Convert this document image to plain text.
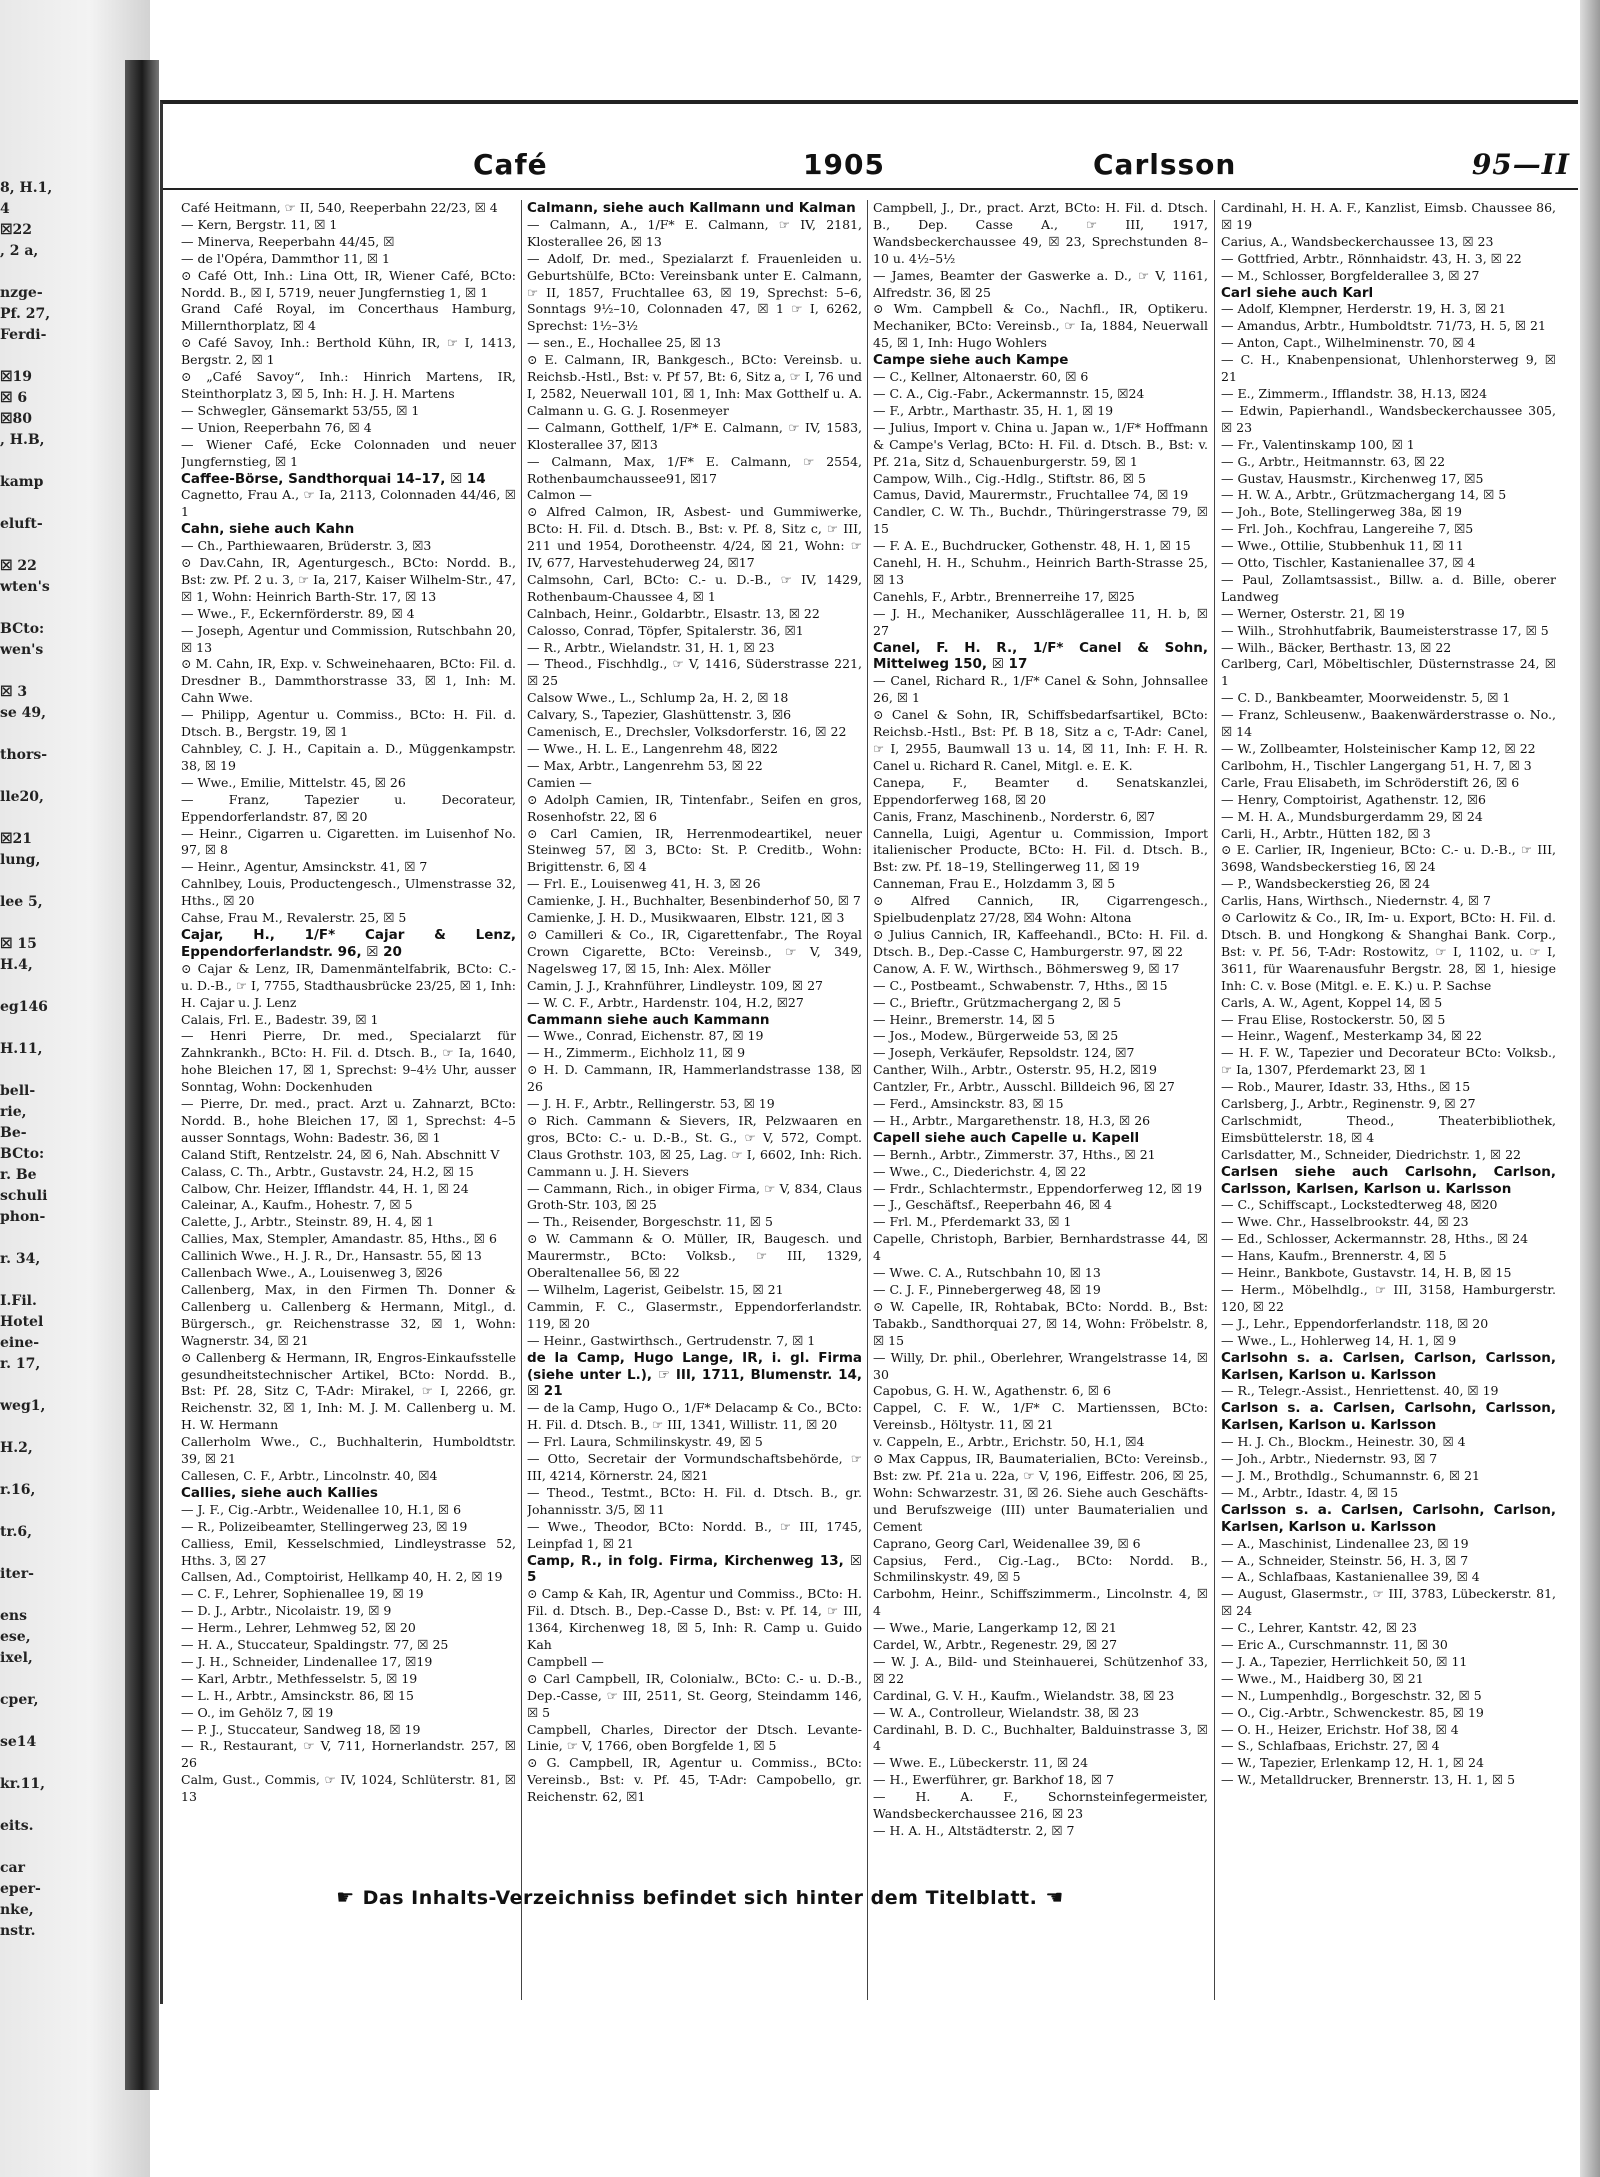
8, H.1,
4
☒22
, 2 a,

nzge-
Pf. 27,
Ferdi-

☒19
☒ 6
☒80
, H.B,

kamp

eluft-

☒ 22
wten's

BCto:
wen's

☒ 3
se 49,

thors-

lle20,

☒21
lung,

lee 5,

☒ 15
H.4,

eg146

H.11,

bell-
rie,
Be-
BCto:
r. Be
schuli
phon-

r. 34,

I.Fil.
Hotel
eine-
r. 17,

weg1,

H.2,

r.16,

tr.6,

iter-

ens
ese,
ixel,

cper,

se14

kr.11,

eits.

car
eper-
nke,
nstr.
Café	1905	Carlsson	95—II

Café Heitmann, ☞ II, 540, Reeperbahn 22/23, ☒ 4

— Kern, Bergstr. 11, ☒ 1

— Minerva, Reeperbahn 44/45, ☒

— de l'Opéra, Dammthor 11, ☒ 1

⊙ Café Ott, Inh.: Lina Ott, IR, Wiener Café, BCto: Nordd. B., ☒ I, 5719, neuer Jungfernstieg 1, ☒ 1

Grand Café Royal, im Concerthaus Hamburg, Millernthorplatz, ☒ 4

⊙ Café Savoy, Inh.: Berthold Kühn, IR, ☞ I, 1413, Bergstr. 2, ☒ 1

⊙ „Café Savoy“, Inh.: Hinrich Martens, IR, Steinthorplatz 3, ☒ 5, Inh: H. J. H. Martens

— Schwegler, Gänsemarkt 53/55, ☒ 1

— Union, Reeperbahn 76, ☒ 4

— Wiener Café, Ecke Colonnaden und neuer Jungfernstieg, ☒ 1

Caffee-Börse, Sandthorquai 14–17, ☒ 14

Cagnetto, Frau A., ☞ Ia, 2113, Colonnaden 44/46, ☒ 1

Cahn, siehe auch Kahn

— Ch., Parthiewaaren, Brüderstr. 3, ☒3

⊙ Dav.Cahn, IR, Agenturgesch., BCto: Nordd. B., Bst: zw. Pf. 2 u. 3, ☞ Ia, 217, Kaiser Wilhelm-Str., 47, ☒ 1, Wohn: Heinrich Barth-Str. 17, ☒ 13

— Wwe., F., Eckernförderstr. 89, ☒ 4

— Joseph, Agentur und Commission, Rutschbahn 20, ☒ 13

⊙ M. Cahn, IR, Exp. v. Schweinehaaren, BCto: Fil. d. Dresdner B., Dammthorstrasse 33, ☒ 1, Inh: M. Cahn Wwe.

— Philipp, Agentur u. Commiss., BCto: H. Fil. d. Dtsch. B., Bergstr. 19, ☒ 1

Cahnbley, C. J. H., Capitain a. D., Müggenkampstr. 38, ☒ 19

— Wwe., Emilie, Mittelstr. 45, ☒ 26

— Franz, Tapezier u. Decorateur, Eppendorferlandstr. 87, ☒ 20

— Heinr., Cigarren u. Cigaretten. im Luisenhof No. 97, ☒ 8

— Heinr., Agentur, Amsinckstr. 41, ☒ 7

Cahnlbey, Louis, Productengesch., Ulmenstrasse 32, Hths., ☒ 20

Cahse, Frau M., Revalerstr. 25, ☒ 5

Cajar, H., 1/F* Cajar & Lenz, Eppendorferlandstr. 96, ☒ 20

⊙ Cajar & Lenz, IR, Damenmäntelfabrik, BCto: C.- u. D.-B., ☞ I, 7755, Stadthausbrücke 23/25, ☒ 1, Inh: H. Cajar u. J. Lenz

Calais, Frl. E., Badestr. 39, ☒ 1

— Henri Pierre, Dr. med., Specialarzt für Zahnkrankh., BCto: H. Fil. d. Dtsch. B., ☞ Ia, 1640, hohe Bleichen 17, ☒ 1, Sprechst: 9–4½ Uhr, ausser Sonntag, Wohn: Dockenhuden

— Pierre, Dr. med., pract. Arzt u. Zahnarzt, BCto: Nordd. B., hohe Bleichen 17, ☒ 1, Sprechst: 4–5 ausser Sonntags, Wohn: Badestr. 36, ☒ 1

Caland Stift, Rentzelstr. 24, ☒ 6, Nah. Abschnitt V

Calass, C. Th., Arbtr., Gustavstr. 24, H.2, ☒ 15

Calbow, Chr. Heizer, Ifflandstr. 44, H. 1, ☒ 24

Caleinar, A., Kaufm., Hohestr. 7, ☒ 5

Calette, J., Arbtr., Steinstr. 89, H. 4, ☒ 1

Callies, Max, Stempler, Amandastr. 85, Hths., ☒ 6

Callinich Wwe., H. J. R., Dr., Hansastr. 55, ☒ 13

Callenbach Wwe., A., Louisenweg 3, ☒26

Callenberg, Max, in den Firmen Th. Donner & Callenberg u. Callenberg & Hermann, Mitgl., d. Bürgersch., gr. Reichenstrasse 32, ☒ 1, Wohn: Wagnerstr. 34, ☒ 21

⊙ Callenberg & Hermann, IR, Engros-Einkaufsstelle gesundheitstechnischer Artikel, BCto: Nordd. B., Bst: Pf. 28, Sitz C, T-Adr: Mirakel, ☞ I, 2266, gr. Reichenstr. 32, ☒ 1, Inh: M. J. M. Callenberg u. M. H. W. Hermann

Callerholm Wwe., C., Buchhalterin, Humboldtstr. 39, ☒ 21

Callesen, C. F., Arbtr., Lincolnstr. 40, ☒4

Callies, siehe auch Kallies

— J. F., Cig.-Arbtr., Weidenallee 10, H.1, ☒ 6

— R., Polizeibeamter, Stellingerweg 23, ☒ 19

Calliess, Emil, Kesselschmied, Lindleystrasse 52, Hths. 3, ☒ 27

Callsen, Ad., Comptoirist, Hellkamp 40, H. 2, ☒ 19

— C. F., Lehrer, Sophienallee 19, ☒ 19

— D. J., Arbtr., Nicolaistr. 19, ☒ 9

— Herm., Lehrer, Lehmweg 52, ☒ 20

— H. A., Stuccateur, Spaldingstr. 77, ☒ 25

— J. H., Schneider, Lindenallee 17, ☒19

— Karl, Arbtr., Methfesselstr. 5, ☒ 19

— L. H., Arbtr., Amsinckstr. 86, ☒ 15

— O., im Gehölz 7, ☒ 19

— P. J., Stuccateur, Sandweg 18, ☒ 19

— R., Restaurant, ☞ V, 711, Hornerlandstr. 257, ☒ 26

Calm, Gust., Commis, ☞ IV, 1024, Schlüterstr. 81, ☒ 13

Calmann, siehe auch Kallmann und Kalman

— Calmann, A., 1/F* E. Calmann, ☞ IV, 2181, Klosterallee 26, ☒ 13

— Adolf, Dr. med., Spezialarzt f. Frauenleiden u. Geburtshülfe, BCto: Vereinsbank unter E. Calmann, ☞ II, 1857, Fruchtallee 63, ☒ 19, Sprechst: 5–6, Sonntags 9½–10, Colonnaden 47, ☒ 1 ☞ I, 6262, Sprechst: 1½–3½

— sen., E., Hochallee 25, ☒ 13

⊙ E. Calmann, IR, Bankgesch., BCto: Vereinsb. u. Reichsb.-Hstl., Bst: v. Pf 57, Bt: 6, Sitz a, ☞ I, 76 und I, 2582, Neuerwall 101, ☒ 1, Inh: Max Gotthelf u. A. Calmann u. G. G. J. Rosenmeyer

— Calmann, Gotthelf, 1/F* E. Calmann, ☞ IV, 1583, Klosterallee 37, ☒13

— Calmann, Max, 1/F* E. Calmann, ☞ 2554, Rothenbaumchaussee91, ☒17

Calmon —

⊙ Alfred Calmon, IR, Asbest- und Gummiwerke, BCto: H. Fil. d. Dtsch. B., Bst: v. Pf. 8, Sitz c, ☞ III, 211 und 1954, Dorotheenstr. 4/24, ☒ 21, Wohn: ☞ IV, 677, Harvestehuderweg 24, ☒17

Calmsohn, Carl, BCto: C.- u. D.-B., ☞ IV, 1429, Rothenbaum-Chaussee 4, ☒ 1

Calnbach, Heinr., Goldarbtr., Elsastr. 13, ☒ 22

Calosso, Conrad, Töpfer, Spitalerstr. 36, ☒1

— R., Arbtr., Wielandstr. 31, H. 1, ☒ 23

— Theod., Fischhdlg., ☞ V, 1416, Süderstrasse 221, ☒ 25

Calsow Wwe., L., Schlump 2a, H. 2, ☒ 18

Calvary, S., Tapezier, Glashüttenstr. 3, ☒6

Camenisch, E., Drechsler, Volksdorferstr. 16, ☒ 22

— Wwe., H. L. E., Langenrehm 48, ☒22

— Max, Arbtr., Langenrehm 53, ☒ 22

Camien —

⊙ Adolph Camien, IR, Tintenfabr., Seifen en gros, Rosenhofstr. 22, ☒ 6

⊙ Carl Camien, IR, Herrenmodeartikel, neuer Steinweg 57, ☒ 3, BCto: St. P. Creditb., Wohn: Brigittenstr. 6, ☒ 4

— Frl. E., Louisenweg 41, H. 3, ☒ 26

Camienke, J. H., Buchhalter, Besenbinderhof 50, ☒ 7

Camienke, J. H. D., Musikwaaren, Elbstr. 121, ☒ 3

⊙ Camilleri & Co., IR, Cigarettenfabr., The Royal Crown Cigarette, BCto: Vereinsb., ☞ V, 349, Nagelsweg 17, ☒ 15, Inh: Alex. Möller

Camin, J. J., Krahnführer, Lindleystr. 109, ☒ 27

— W. C. F., Arbtr., Hardenstr. 104, H.2, ☒27

Cammann siehe auch Kammann

— Wwe., Conrad, Eichenstr. 87, ☒ 19

— H., Zimmerm., Eichholz 11, ☒ 9

⊙ H. D. Cammann, IR, Hammerlandstrasse 138, ☒ 26

— J. H. F., Arbtr., Rellingerstr. 53, ☒ 19

⊙ Rich. Cammann & Sievers, IR, Pelzwaaren en gros, BCto: C.- u. D.-B., St. G., ☞ V, 572, Compt. Claus Grothstr. 103, ☒ 25, Lag. ☞ I, 6602, Inh: Rich. Cammann u. J. H. Sievers

— Cammann, Rich., in obiger Firma, ☞ V, 834, Claus Groth-Str. 103, ☒ 25

— Th., Reisender, Borgeschstr. 11, ☒ 5

⊙ W. Cammann & O. Müller, IR, Baugesch. und Maurermstr., BCto: Volksb., ☞ III, 1329, Oberaltenallee 56, ☒ 22

— Wilhelm, Lagerist, Geibelstr. 15, ☒ 21

Cammin, F. C., Glasermstr., Eppendorferlandstr. 119, ☒ 20

— Heinr., Gastwirthsch., Gertrudenstr. 7, ☒ 1

de la Camp, Hugo Lange, IR, i. gl. Firma (siehe unter L.), ☞ III, 1711, Blumenstr. 14, ☒ 21

— de la Camp, Hugo O., 1/F* Delacamp & Co., BCto: H. Fil. d. Dtsch. B., ☞ III, 1341, Willistr. 11, ☒ 20

— Frl. Laura, Schmilinskystr. 49, ☒ 5

— Otto, Secretair der Vormundschaftsbehörde, ☞ III, 4214, Körnerstr. 24, ☒21

— Theod., Testmt., BCto: H. Fil. d. Dtsch. B., gr. Johannisstr. 3/5, ☒ 11

— Wwe., Theodor, BCto: Nordd. B., ☞ III, 1745, Leinpfad 1, ☒ 21

Camp, R., in folg. Firma, Kirchenweg 13, ☒ 5

⊙ Camp & Kah, IR, Agentur und Commiss., BCto: H. Fil. d. Dtsch. B., Dep.-Casse D., Bst: v. Pf. 14, ☞ III, 1364, Kirchenweg 18, ☒ 5, Inh: R. Camp u. Guido Kah

Campbell —

⊙ Carl Campbell, IR, Colonialw., BCto: C.- u. D.-B., Dep.-Casse, ☞ III, 2511, St. Georg, Steindamm 146, ☒ 5

Campbell, Charles, Director der Dtsch. Levante-Linie, ☞ V, 1766, oben Borgfelde 1, ☒ 5

⊙ G. Campbell, IR, Agentur u. Commiss., BCto: Vereinsb., Bst: v. Pf. 45, T-Adr: Campobello, gr. Reichenstr. 62, ☒1

Campbell, J., Dr., pract. Arzt, BCto: H. Fil. d. Dtsch. B., Dep. Casse A., ☞ III, 1917, Wandsbeckerchaussee 49, ☒ 23, Sprechstunden 8–10 u. 4½–5½

— James, Beamter der Gaswerke a. D., ☞ V, 1161, Alfredstr. 36, ☒ 25

⊙ Wm. Campbell & Co., Nachfl., IR, Optikeru. Mechaniker, BCto: Vereinsb., ☞ Ia, 1884, Neuerwall 45, ☒ 1, Inh: Hugo Wohlers

Campe siehe auch Kampe

— C., Kellner, Altonaerstr. 60, ☒ 6

— C. A., Cig.-Fabr., Ackermannstr. 15, ☒24

— F., Arbtr., Marthastr. 35, H. 1, ☒ 19

— Julius, Import v. China u. Japan w., 1/F* Hoffmann & Campe's Verlag, BCto: H. Fil. d. Dtsch. B., Bst: v. Pf. 21a, Sitz d, Schauenburgerstr. 59, ☒ 1

Campow, Wilh., Cig.-Hdlg., Stiftstr. 86, ☒ 5

Camus, David, Maurermstr., Fruchtallee 74, ☒ 19

Candler, C. W. Th., Buchdr., Thüringerstrasse 79, ☒ 15

— F. A. E., Buchdrucker, Gothenstr. 48, H. 1, ☒ 15

Canehl, H. H., Schuhm., Heinrich Barth-Strasse 25, ☒ 13

Canehls, F., Arbtr., Brennerreihe 17, ☒25

— J. H., Mechaniker, Ausschlägerallee 11, H. b, ☒ 27

Canel, F. H. R., 1/F* Canel & Sohn, Mittelweg 150, ☒ 17

— Canel, Richard R., 1/F* Canel & Sohn, Johnsallee 26, ☒ 1

⊙ Canel & Sohn, IR, Schiffsbedarfsartikel, BCto: Reichsb.-Hstl., Bst: Pf. B 18, Sitz a c, T-Adr: Canel, ☞ I, 2955, Baumwall 13 u. 14, ☒ 11, Inh: F. H. R. Canel u. Richard R. Canel, Mitgl. e. E. K.

Canepa, F., Beamter d. Senatskanzlei, Eppendorferweg 168, ☒ 20

Canis, Franz, Maschinenb., Norderstr. 6, ☒7

Cannella, Luigi, Agentur u. Commission, Import italienischer Producte, BCto: H. Fil. d. Dtsch. B., Bst: zw. Pf. 18–19, Stellingerweg 11, ☒ 19

Canneman, Frau E., Holzdamm 3, ☒ 5

⊙ Alfred Cannich, IR, Cigarrengesch., Spielbudenplatz 27/28, ☒4 Wohn: Altona

⊙ Julius Cannich, IR, Kaffeehandl., BCto: H. Fil. d. Dtsch. B., Dep.-Casse C, Hamburgerstr. 97, ☒ 22

Canow, A. F. W., Wirthsch., Böhmersweg 9, ☒ 17

— C., Postbeamt., Schwabenstr. 7, Hths., ☒ 15

— C., Brieftr., Grützmachergang 2, ☒ 5

— Heinr., Bremerstr. 14, ☒ 5

— Jos., Modew., Bürgerweide 53, ☒ 25

— Joseph, Verkäufer, Repsoldstr. 124, ☒7

Canther, Wilh., Arbtr., Osterstr. 95, H.2, ☒19

Cantzler, Fr., Arbtr., Ausschl. Billdeich 96, ☒ 27

— Ferd., Amsinckstr. 83, ☒ 15

— H., Arbtr., Margarethenstr. 18, H.3, ☒ 26

Capell siehe auch Capelle u. Kapell

— Bernh., Arbtr., Zimmerstr. 37, Hths., ☒ 21

— Wwe., C., Diederichstr. 4, ☒ 22

— Frdr., Schlachtermstr., Eppendorferweg 12, ☒ 19

— J., Geschäftsf., Reeperbahn 46, ☒ 4

— Frl. M., Pferdemarkt 33, ☒ 1

Capelle, Christoph, Barbier, Bernhardstrasse 44, ☒ 4

— Wwe. C. A., Rutschbahn 10, ☒ 13

— C. J. F., Pinnebergerweg 48, ☒ 19

⊙ W. Capelle, IR, Rohtabak, BCto: Nordd. B., Bst: Tabakb., Sandthorquai 27, ☒ 14, Wohn: Fröbelstr. 8, ☒ 15

— Willy, Dr. phil., Oberlehrer, Wrangelstrasse 14, ☒ 30

Capobus, G. H. W., Agathenstr. 6, ☒ 6

Cappel, C. F. W., 1/F* C. Martienssen, BCto: Vereinsb., Höltystr. 11, ☒ 21

v. Cappeln, E., Arbtr., Erichstr. 50, H.1, ☒4

⊙ Max Cappus, IR, Baumaterialien, BCto: Vereinsb., Bst: zw. Pf. 21a u. 22a, ☞ V, 196, Eiffestr. 206, ☒ 25, Wohn: Schwarzestr. 31, ☒ 26. Siehe auch Geschäfts- und Berufszweige (III) unter Baumaterialien und Cement

Caprano, Georg Carl, Weidenallee 39, ☒ 6

Capsius, Ferd., Cig.-Lag., BCto: Nordd. B., Schmilinskystr. 49, ☒ 5

Carbohm, Heinr., Schiffszimmerm., Lincolnstr. 4, ☒ 4

— Wwe., Marie, Langerkamp 12, ☒ 21

Cardel, W., Arbtr., Regenestr. 29, ☒ 27

— W. J. A., Bild- und Steinhauerei, Schützenhof 33, ☒ 22

Cardinal, G. V. H., Kaufm., Wielandstr. 38, ☒ 23

— W. A., Controlleur, Wielandstr. 38, ☒ 23

Cardinahl, B. D. C., Buchhalter, Balduinstrasse 3, ☒ 4

— Wwe. E., Lübeckerstr. 11, ☒ 24

— H., Ewerführer, gr. Barkhof 18, ☒ 7

— H. A. F., Schornsteinfegermeister, Wandsbeckerchaussee 216, ☒ 23

— H. A. H., Altstädterstr. 2, ☒ 7

Cardinahl, H. H. A. F., Kanzlist, Eimsb. Chaussee 86, ☒ 19

Carius, A., Wandsbeckerchaussee 13, ☒ 23

— Gottfried, Arbtr., Rönnhaidstr. 43, H. 3, ☒ 22

— M., Schlosser, Borgfelderallee 3, ☒ 27

Carl siehe auch Karl

— Adolf, Klempner, Herderstr. 19, H. 3, ☒ 21

— Amandus, Arbtr., Humboldtstr. 71/73, H. 5, ☒ 21

— Anton, Capt., Wilhelminenstr. 70, ☒ 4

— C. H., Knabenpensionat, Uhlenhorsterweg 9, ☒ 21

— E., Zimmerm., Ifflandstr. 38, H.13, ☒24

— Edwin, Papierhandl., Wandsbeckerchaussee 305, ☒ 23

— Fr., Valentinskamp 100, ☒ 1

— G., Arbtr., Heitmannstr. 63, ☒ 22

— Gustav, Hausmstr., Kirchenweg 17, ☒5

— H. W. A., Arbtr., Grützmachergang 14, ☒ 5

— Joh., Bote, Stellingerweg 38a, ☒ 19

— Frl. Joh., Kochfrau, Langereihe 7, ☒5

— Wwe., Ottilie, Stubbenhuk 11, ☒ 11

— Otto, Tischler, Kastanienallee 37, ☒ 4

— Paul, Zollamtsassist., Billw. a. d. Bille, oberer Landweg

— Werner, Osterstr. 21, ☒ 19

— Wilh., Strohhutfabrik, Baumeisterstrasse 17, ☒ 5

— Wilh., Bäcker, Berthastr. 13, ☒ 22

Carlberg, Carl, Möbeltischler, Düsternstrasse 24, ☒ 1

— C. D., Bankbeamter, Moorweidenstr. 5, ☒ 1

— Franz, Schleusenw., Baakenwärderstrasse o. No., ☒ 14

— W., Zollbeamter, Holsteinischer Kamp 12, ☒ 22

Carlbohm, H., Tischler Langergang 51, H. 7, ☒ 3

Carle, Frau Elisabeth, im Schröderstift 26, ☒ 6

— Henry, Comptoirist, Agathenstr. 12, ☒6

— M. H. A., Mundsburgerdamm 29, ☒ 24

Carli, H., Arbtr., Hütten 182, ☒ 3

⊙ E. Carlier, IR, Ingenieur, BCto: C.- u. D.-B., ☞ III, 3698, Wandsbeckerstieg 16, ☒ 24

— P., Wandsbeckerstieg 26, ☒ 24

Carlis, Hans, Wirthsch., Niedernstr. 4, ☒ 7

⊙ Carlowitz & Co., IR, Im- u. Export, BCto: H. Fil. d. Dtsch. B. und Hongkong & Shanghai Bank. Corp., Bst: v. Pf. 56, T-Adr: Rostowitz, ☞ I, 1102, u. ☞ I, 3611, für Waarenausfuhr Bergstr. 28, ☒ 1, hiesige Inh: C. v. Bose (Mitgl. e. E. K.) u. P. Sachse

Carls, A. W., Agent, Koppel 14, ☒ 5

— Frau Elise, Rostockerstr. 50, ☒ 5

— Heinr., Wagenf., Mesterkamp 34, ☒ 22

— H. F. W., Tapezier und Decorateur BCto: Volksb., ☞ Ia, 1307, Pferdemarkt 23, ☒ 1

— Rob., Maurer, Idastr. 33, Hths., ☒ 15

Carlsberg, J., Arbtr., Reginenstr. 9, ☒ 27

Carlschmidt, Theod., Theaterbibliothek, Eimsbüttelerstr. 18, ☒ 4

Carlsdatter, M., Schneider, Diedrichstr. 1, ☒ 22

Carlsen siehe auch Carlsohn, Carlson, Carlsson, Karlsen, Karlson u. Karlsson

— C., Schiffscapt., Lockstedterweg 48, ☒20

— Wwe. Chr., Hasselbrookstr. 44, ☒ 23

— Ed., Schlosser, Ackermannstr. 28, Hths., ☒ 24

— Hans, Kaufm., Brennerstr. 4, ☒ 5

— Heinr., Bankbote, Gustavstr. 14, H. B, ☒ 15

— Herm., Möbelhdlg., ☞ III, 3158, Hamburgerstr. 120, ☒ 22

— J., Lehr., Eppendorferlandstr. 118, ☒ 20

— Wwe., L., Hohlerweg 14, H. 1, ☒ 9

Carlsohn s. a. Carlsen, Carlson, Carlsson, Karlsen, Karlson u. Karlsson

— R., Telegr.-Assist., Henriettenst. 40, ☒ 19

Carlson s. a. Carlsen, Carlsohn, Carlsson, Karlsen, Karlson u. Karlsson

— H. J. Ch., Blockm., Heinestr. 30, ☒ 4

— Joh., Arbtr., Niedernstr. 93, ☒ 7

— J. M., Brothdlg., Schumannstr. 6, ☒ 21

— M., Arbtr., Idastr. 4, ☒ 15

Carlsson s. a. Carlsen, Carlsohn, Carlson, Karlsen, Karlson u. Karlsson

— A., Maschinist, Lindenallee 23, ☒ 19

— A., Schneider, Steinstr. 56, H. 3, ☒ 7

— A., Schlafbaas, Kastanienallee 39, ☒ 4

— August, Glasermstr., ☞ III, 3783, Lübeckerstr. 81, ☒ 24

— C., Lehrer, Kantstr. 42, ☒ 23

— Eric A., Curschmannstr. 11, ☒ 30

— J. A., Tapezier, Herrlichkeit 50, ☒ 11

— Wwe., M., Haidberg 30, ☒ 21

— N., Lumpenhdlg., Borgeschstr. 32, ☒ 5

— O., Cig.-Arbtr., Schwenckestr. 85, ☒ 19

— O. H., Heizer, Erichstr. Hof 38, ☒ 4

— S., Schlafbaas, Erichstr. 27, ☒ 4

— W., Tapezier, Erlenkamp 12, H. 1, ☒ 24

— W., Metalldrucker, Brennerstr. 13, H. 1, ☒ 5

☛ Das Inhalts-Verzeichniss befindet sich hinter dem Titelblatt. ☚
